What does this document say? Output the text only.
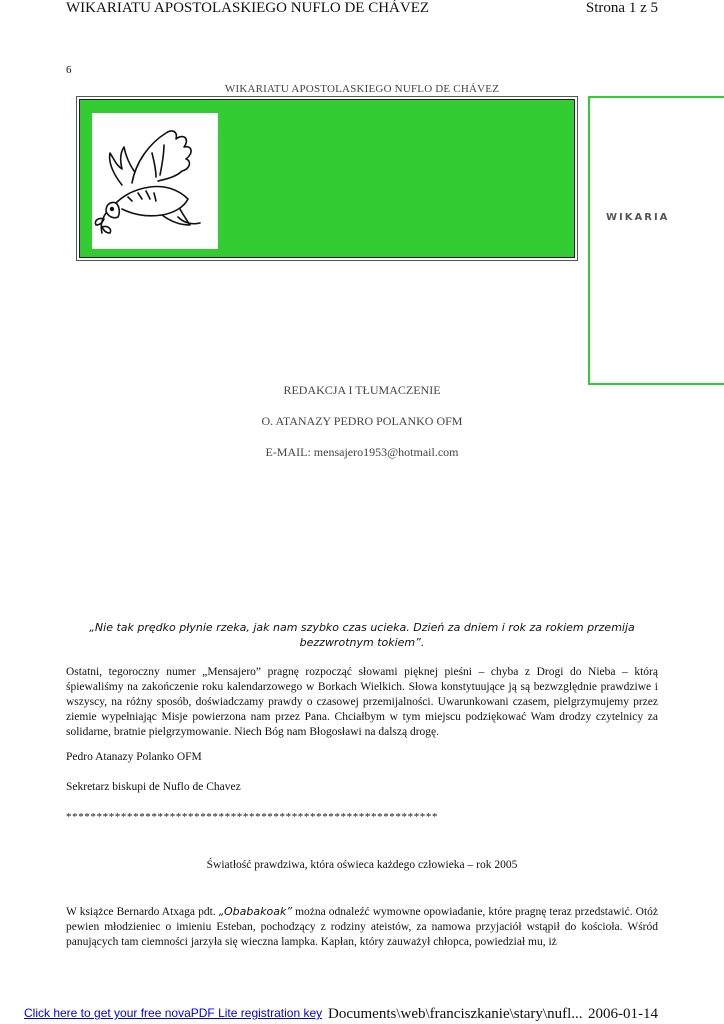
WIKARIATU APOSTOLASKIEGO NUFLO DE CHÁVEZ	Strona 1 z 5
6
WIKARIATU APOSTOLASKIEGO NUFLO DE CHÁVEZ
WIKARIA
REDAKCJA I TŁUMACZENIE
O. ATANAZY PEDRO POLANKO OFM
E-MAIL: mensajero1953@hotmail.com
„Nie tak prędko płynie rzeka, jak nam szybko czas ucieka. Dzień za dniem i rok za rokiem przemija bezzwrotnym tokiem”.
Ostatni, tegoroczny numer „Mensajero” pragnę rozpocząć słowami pięknej pieśni – chyba z Drogi do Nieba – którą śpiewaliśmy na zakończenie roku kalendarzowego w Borkach Wielkich. Słowa konstytuujące ją są bezwzględnie prawdziwe i wszyscy, na różny sposób, doświadczamy prawdy o czasowej przemijalności. Uwarunkowani czasem, pielgrzymujemy przez ziemie wypełniając Misje powierzona nam przez Pana. Chciałbym w tym miejscu podziękować Wam drodzy czytelnicy za solidarne, bratnie pielgrzymowanie. Niech Bóg nam Błogosławi na dalszą drogę.
Pedro Atanazy Polanko OFM
Sekretarz biskupi de Nuflo de Chavez
*************************************************************
Światłość prawdziwa, która oświeca każdego człowieka – rok 2005
W książce Bernardo Atxaga pdt. „Obabakoak” można odnaleźć wymowne opowiadanie, które pragnę teraz przedstawić. Otóż pewien młodzieniec o imieniu Esteban, pochodzący z rodziny ateistów, za namowa przyjaciół wstąpił do kościoła. Wśród panujących tam ciemności jarzyła się wieczna lampka. Kapłan, który zauważył chłopca, powiedział mu, iż
Click here to get your free novaPDF Lite registration key Documents\web\franciszkanie\stary\nufl... 2006-01-14
